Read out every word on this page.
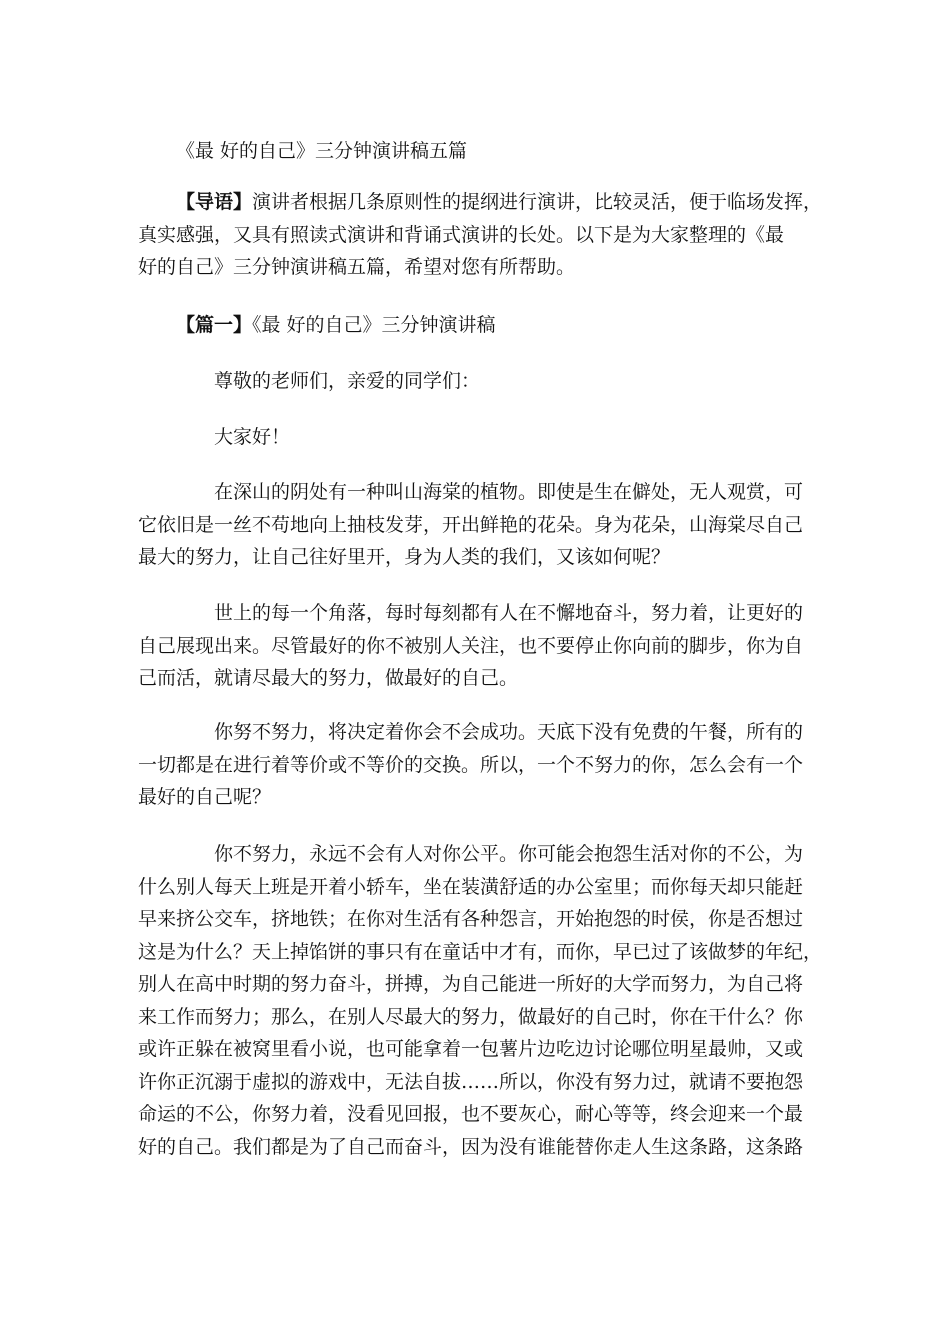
《最 好的自己》三分钟演讲稿五篇
【导语】演讲者根据几条原则性的提纲进行演讲，比较灵活，便于临场发挥，
真实感强，又具有照读式演讲和背诵式演讲的长处。以下是为大家整理的《最
好的自己》三分钟演讲稿五篇，希望对您有所帮助。
【篇一】《最 好的自己》三分钟演讲稿
尊敬的老师们，亲爱的同学们：
大家好！
在深山的阴处有一种叫山海棠的植物。即使是生在僻处，无人观赏，可
它依旧是一丝不苟地向上抽枝发芽，开出鲜艳的花朵。身为花朵，山海棠尽自己
最大的努力，让自己往好里开，身为人类的我们，又该如何呢？
世上的每一个角落，每时每刻都有人在不懈地奋斗，努力着，让更好的
自己展现出来。尽管最好的你不被别人关注，也不要停止你向前的脚步，你为自
己而活，就请尽最大的努力，做最好的自己。
你努不努力，将决定着你会不会成功。天底下没有免费的午餐，所有的
一切都是在进行着等价或不等价的交换。所以，一个不努力的你，怎么会有一个
最好的自己呢？
你不努力，永远不会有人对你公平。你可能会抱怨生活对你的不公，为
什么别人每天上班是开着小轿车，坐在装潢舒适的办公室里；而你每天却只能赶
早来挤公交车，挤地铁；在你对生活有各种怨言，开始抱怨的时侯，你是否想过
这是为什么？天上掉馅饼的事只有在童话中才有，而你，早已过了该做梦的年纪，
别人在高中时期的努力奋斗，拼搏，为自己能进一所好的大学而努力，为自己将
来工作而努力；那么，在别人尽最大的努力，做最好的自己时，你在干什么？你
或许正躲在被窝里看小说，也可能拿着一包薯片边吃边讨论哪位明星最帅，又或
许你正沉溺于虚拟的游戏中，无法自拔……所以，你没有努力过，就请不要抱怨
命运的不公，你努力着，没看见回报，也不要灰心，耐心等等，终会迎来一个最
好的自己。我们都是为了自己而奋斗，因为没有谁能替你走人生这条路，这条路
